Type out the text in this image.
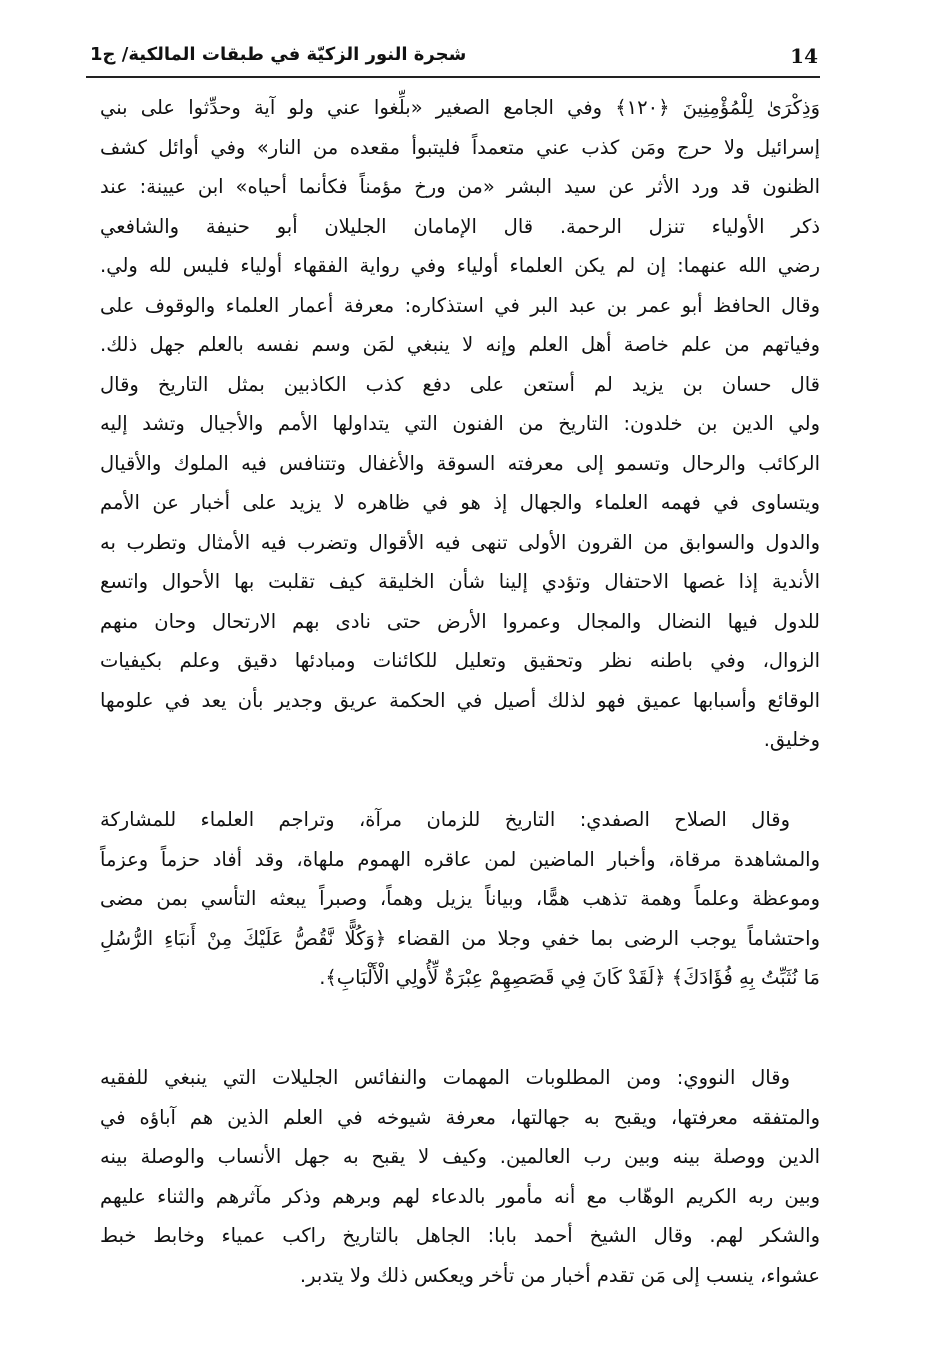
14
شجرة النور الزكيّة في طبقات المالكية/ ج1
وَذِكْرَىٰ لِلْمُؤْمِنِينَ ﴿١٢٠﴾ وفي الجامع الصغير «بلِّغوا عني ولو آية وحدِّثوا على بني
إسرائيل ولا حرج ومَن كذب عني متعمداً فليتبوأ مقعده من النار» وفي أوائل كشف
الظنون قد ورد الأثر عن سيد البشر «من ورخ مؤمناً فكأنما أحياه» ابن عيينة: عند
ذكر الأولياء تنزل الرحمة. قال الإمامان الجليلان أبو حنيفة والشافعي
رضي الله عنهما: إن لم يكن العلماء أولياء وفي رواية الفقهاء أولياء فليس لله ولي.
وقال الحافظ أبو عمر بن عبد البر في استذكاره: معرفة أعمار العلماء والوقوف على
وفياتهم من علم خاصة أهل العلم وإنه لا ينبغي لمَن وسم نفسه بالعلم جهل ذلك.
قال حسان بن يزيد لم أستعن على دفع كذب الكاذبين بمثل التاريخ وقال
ولي الدين بن خلدون: التاريخ من الفنون التي يتداولها الأمم والأجيال وتشد إليه
الركائب والرحال وتسمو إلى معرفته السوقة والأغفال وتتنافس فيه الملوك والأقيال
ويتساوى في فهمه العلماء والجهال إذ هو في ظاهره لا يزيد على أخبار عن الأمم
والدول والسوابق من القرون الأولى تنهى فيه الأقوال وتضرب فيه الأمثال وتطرب به
الأندية إذا غصها الاحتفال وتؤدي إلينا شأن الخليقة كيف تقلبت بها الأحوال واتسع
للدول فيها النضال والمجال وعمروا الأرض حتى نادى بهم الارتحال وحان منهم
الزوال، وفي باطنه نظر وتحقيق وتعليل للكائنات ومبادئها دقيق وعلم بكيفيات
الوقائع وأسبابها عميق فهو لذلك أصيل في الحكمة عريق وجدير بأن يعد في علومها
وخليق.
وقال الصلاح الصفدي: التاريخ للزمان مرآة، وتراجم العلماء للمشاركة
والمشاهدة مرقاة، وأخبار الماضين لمن عاقره الهموم ملهاة، وقد أفاد حزماً وعزماً
وموعظة وعلماً وهمة تذهب همًّا، وبياناً يزيل وهماً، وصبراً يبعثه التأسي بمن مضى
واحتشاماً يوجب الرضى بما خفي وجلا من القضاء ﴿وَكُلًّا نَّقُصُّ عَلَيْكَ مِنْ أَنبَاءِ الرُّسُلِ
مَا نُثَبِّتُ بِهِ فُؤَادَكَ﴾ ﴿لَقَدْ كَانَ فِي قَصَصِهِمْ عِبْرَةٌ لِّأُولِي الْأَلْبَابِ﴾.
وقال النووي: ومن المطلوبات المهمات والنفائس الجليلات التي ينبغي للفقيه
والمتفقه معرفتها، ويقبح به جهالتها، معرفة شيوخه في العلم الذين هم آباؤه في
الدين ووصلة بينه وبين رب العالمين. وكيف لا يقبح به جهل الأنساب والوصلة بينه
وبين ربه الكريم الوهّاب مع أنه مأمور بالدعاء لهم وبرهم وذكر مآثرهم والثناء عليهم
والشكر لهم. وقال الشيخ أحمد بابا: الجاهل بالتاريخ راكب عمياء وخابط خبط
عشواء، ينسب إلى مَن تقدم أخبار من تأخر ويعكس ذلك ولا يتدبر.
